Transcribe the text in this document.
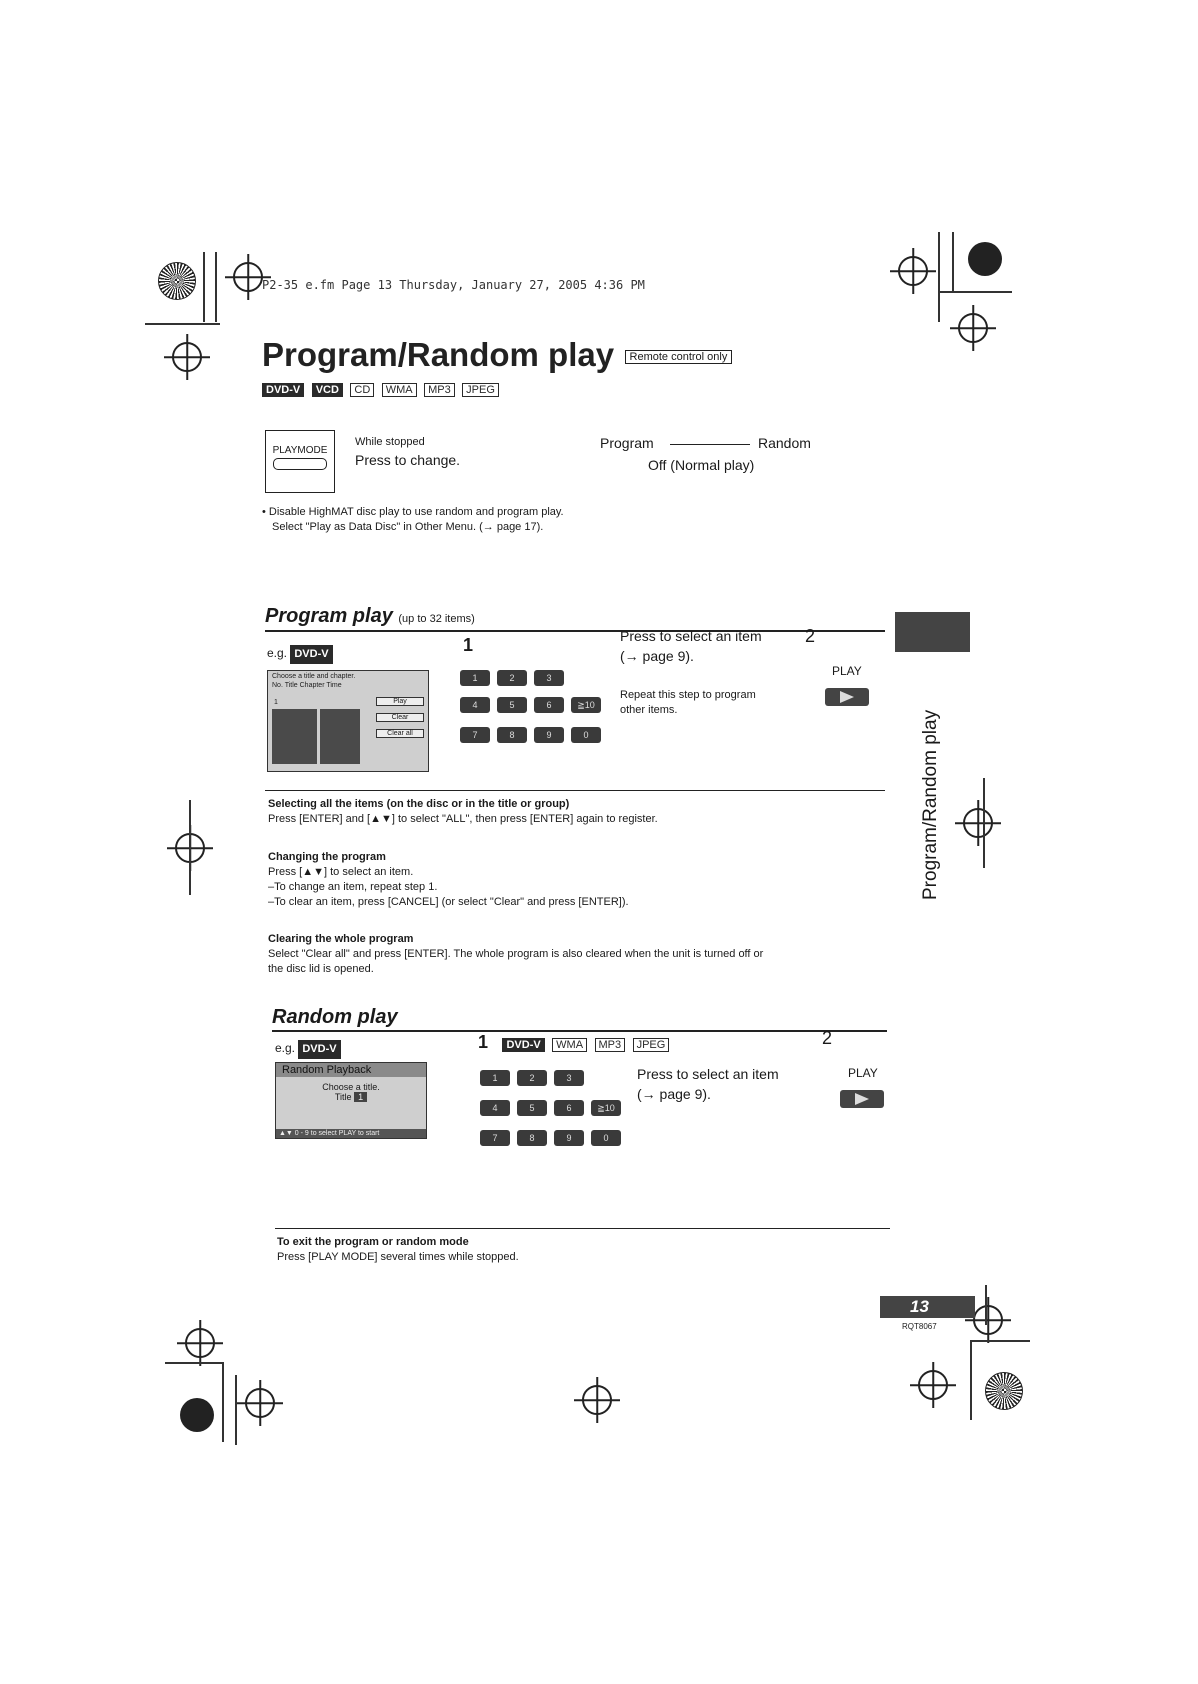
P2-35 e.fm Page 13 Thursday, January 27, 2005 4:36 PM
Program/Random play Remote control only
DVD-V VCD CD WMA MP3 JPEG
PLAYMODE
While stopped
Press to change.
Program	Random
Off (Normal play)
• Disable HighMAT disc play to use random and program play.
Select "Play as Data Disc" in Other Menu. (→ page 17).
Program/Random play
Program play (up to 32 items)
e.g. DVD-V
Choose a title and chapter.
No. Title Chapter Time
1	Play
Clear
Clear all
1
1	2	3
4	5	6	≧10
7	8	9	0
Press to select an item 2
(→ page 9).
Repeat this step to program
other items.
PLAY
Selecting all the items (on the disc or in the title or group)
Press [ENTER] and [▲▼] to select "ALL", then press [ENTER] again to register.
Changing the program
Press [▲▼] to select an item.
–To change an item, repeat step 1.
–To clear an item, press [CANCEL] (or select "Clear" and press [ENTER]).
Clearing the whole program
Select "Clear all" and press [ENTER]. The whole program is also cleared when the unit is turned off or
the disc lid is opened.
Random play
e.g. DVD-V
Random Playback
Choose a title.
Title 1
▲▼ 0 - 9 to select PLAY to start
1 DVD-V WMA MP3 JPEG	2
1	2	3
4	5	6	≧10
7	8	9	0
Press to select an item
(→ page 9).
PLAY
To exit the program or random mode
Press [PLAY MODE] several times while stopped.
13
RQT8067
